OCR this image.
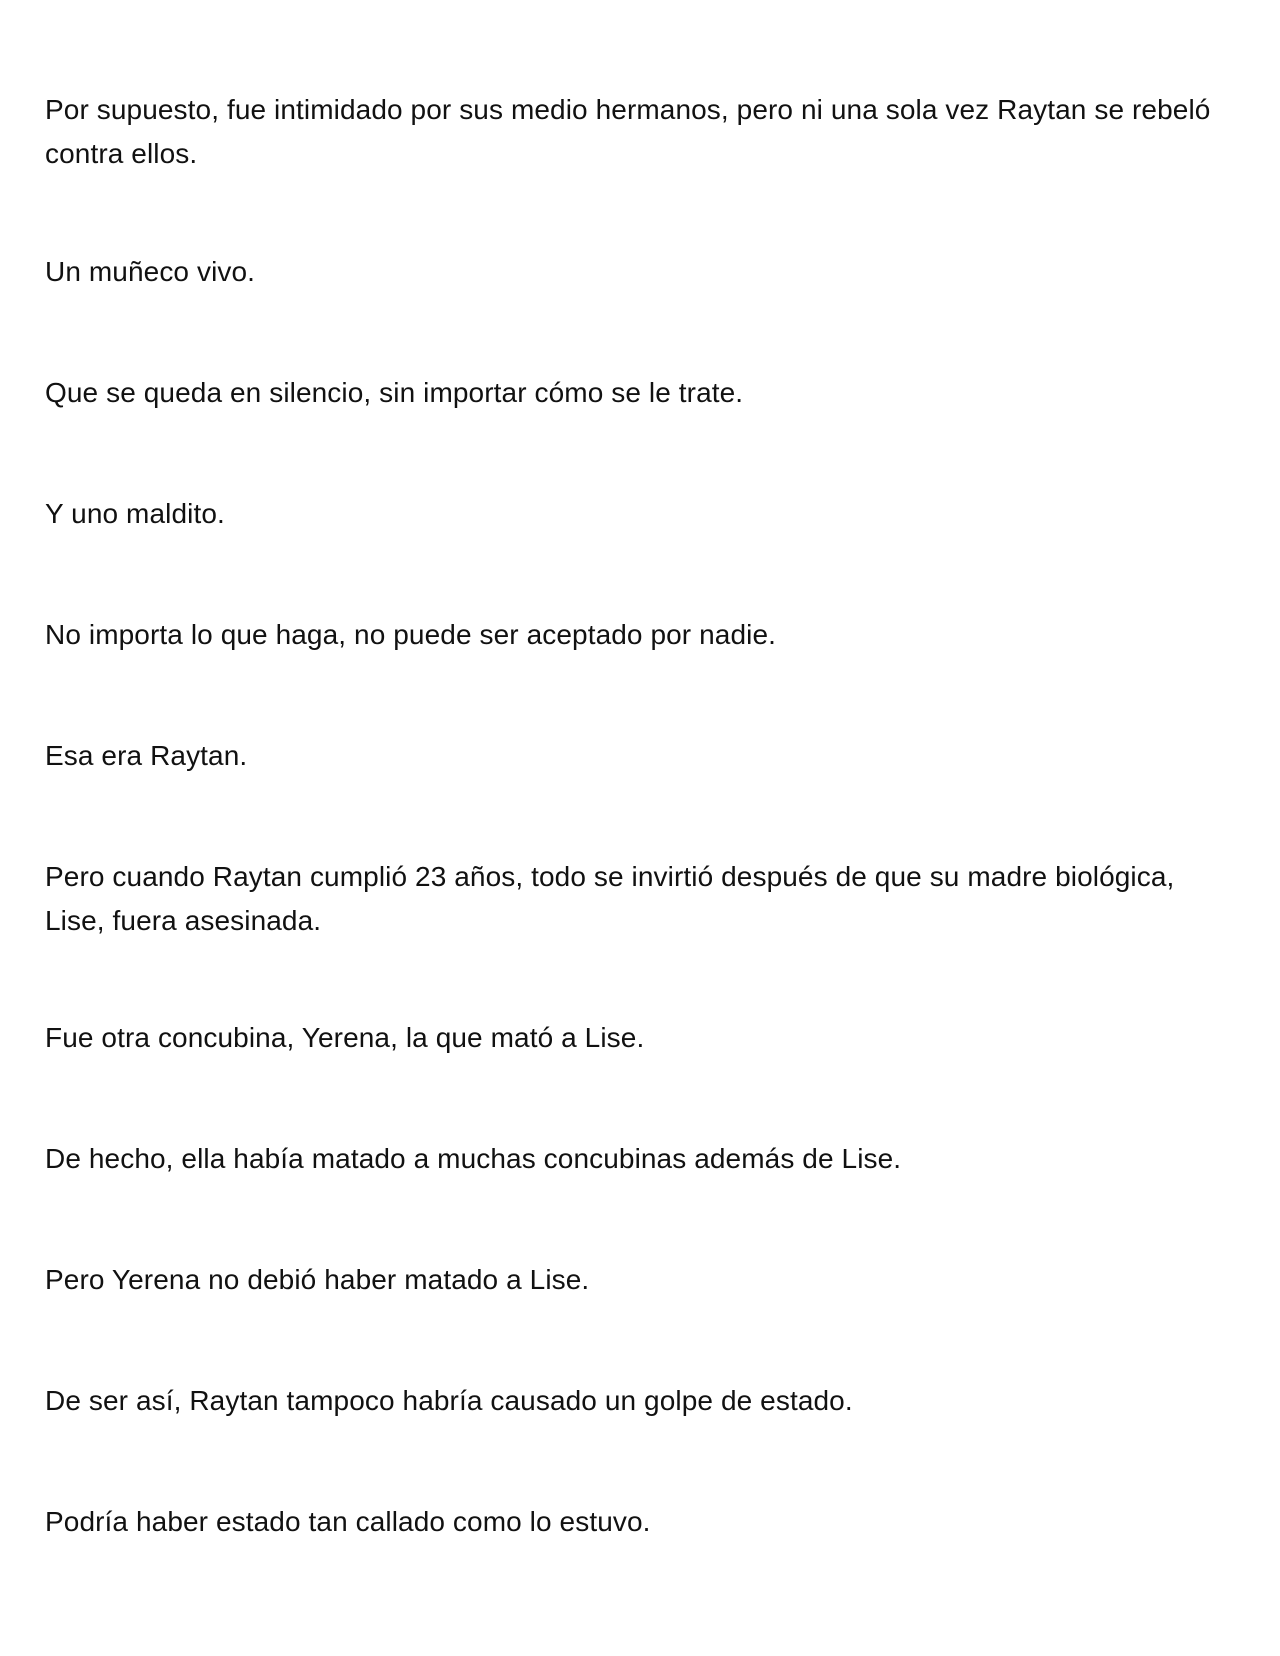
Por supuesto, fue intimidado por sus medio hermanos, pero ni una sola vez Raytan se rebeló contra ellos.

Un muñeco vivo.

Que se queda en silencio, sin importar cómo se le trate.

Y uno maldito.

No importa lo que haga, no puede ser aceptado por nadie.

Esa era Raytan.

Pero cuando Raytan cumplió 23 años, todo se invirtió después de que su madre biológica, Lise, fuera asesinada.

Fue otra concubina, Yerena, la que mató a Lise.

De hecho, ella había matado a muchas concubinas además de Lise.

Pero Yerena no debió haber matado a Lise.

De ser así, Raytan tampoco habría causado un golpe de estado.

Podría haber estado tan callado como lo estuvo.
